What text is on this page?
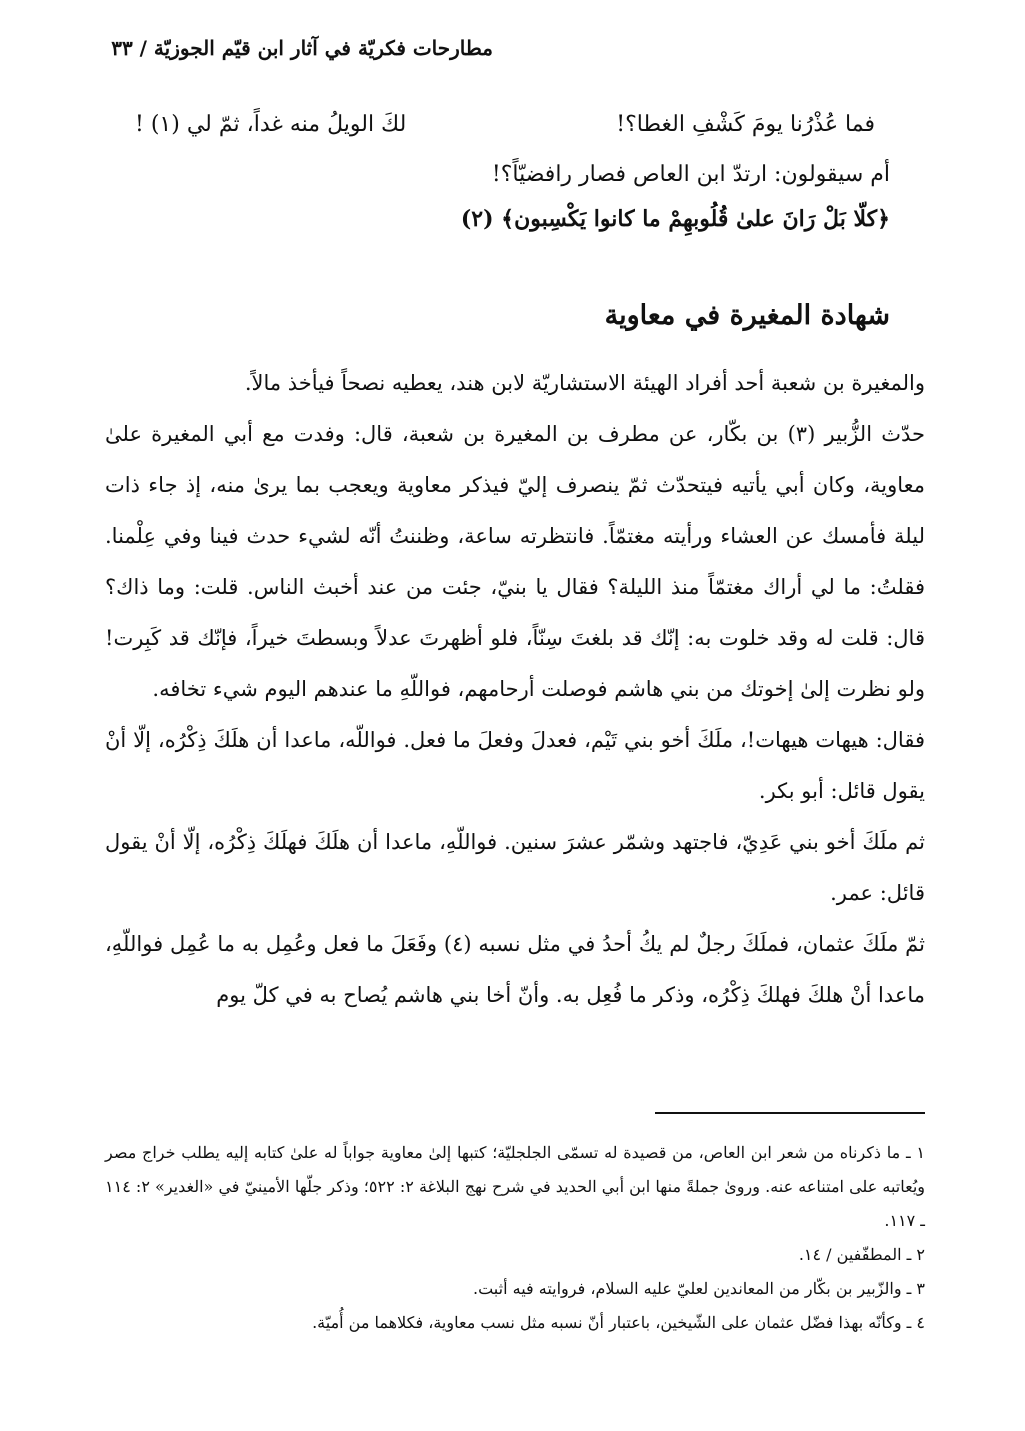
مطارحات فكريّة في آثار ابن قيّم الجوزيّة / ٣٣
فما عُذْرُنا يومَ كَشْفِ الغطا؟!
لكَ الويلُ منه غداً، ثمّ لي (١) !
أم سيقولون: ارتدّ ابن العاص فصار رافضيّاً؟!
﴿كلّا بَلْ رَانَ علىٰ قُلُوبهِمْ ما كانوا يَكْسِبون﴾ (٢)
شهادة المغيرة في معاوية

والمغيرة بن شعبة أحد أفراد الهيئة الاستشاريّة لابن هند، يعطيه نصحاً فيأخذ مالاً.

حدّث الزُّبير (٣) بن بكّار، عن مطرف بن المغيرة بن شعبة، قال: وفدت مع أبي المغيرة علىٰ معاوية، وكان أبي يأتيه فيتحدّث ثمّ ينصرف إليّ فيذكر معاوية ويعجب بما يرىٰ منه، إذ جاء ذات ليلة فأمسك عن العشاء ورأيته مغتمّاً. فانتظرته ساعة، وظننتُ أنّه لشيء حدث فينا وفي عِلْمنا. فقلتُ: ما لي أراك مغتمّاً منذ الليلة؟ فقال يا بنيّ، جئت من عند أخبث الناس. قلت: وما ذاك؟ قال: قلت له وقد خلوت به: إنّك قد بلغتَ سِنّاً، فلو أظهرتَ عدلاً وبسطتَ خيراً، فإنّك قد كَبِرت! ولو نظرت إلىٰ إخوتك من بني هاشم فوصلت أرحامهم، فواللّهِ ما عندهم اليوم شيء تخافه.

فقال: هيهات هيهات!، ملَكَ أخو بني تَيْم، فعدلَ وفعلَ ما فعل. فواللّه، ماعدا أن هلَكَ ذِكْرُه، إلّا أنْ يقول قائل: أبو بكر.

ثم ملَكَ أخو بني عَدِيّ، فاجتهد وشمّر عشرَ سنين. فواللّهِ، ماعدا أن هلَكَ فهلَكَ ذِكْرُه، إلّا أنْ يقول قائل: عمر.

ثمّ ملَكَ عثمان، فملَكَ رجلٌ لم يكُ أحدُ في مثل نسبه (٤) وفَعَلَ ما فعل وعُمِل به ما عُمِل فواللّهِ، ماعدا أنْ هلكَ فهلكَ ذِكْرُه، وذكر ما فُعِل به. وأنّ أخا بني هاشم يُصاح به في كلّ يوم

١ ـ ما ذكرناه من شعر ابن العاص، من قصيدة له تسمّى الجلجليّة؛ كتبها إلىٰ معاوية جواباً له علىٰ كتابه إليه يطلب خراج مصر ويُعاتبه على امتناعه عنه. وروىٰ جملةً منها ابن أبي الحديد في شرح نهج البلاغة ٢: ٥٢٢؛ وذكر جلّها الأمينيّ في «الغدير» ٢: ١١٤ ـ ١١٧.

٢ ـ المطفّفين / ١٤.

٣ ـ والزّبير بن بكّار من المعاندين لعليّ عليه السلام، فروايته فيه أثبت.

٤ ـ وكأنّه بهذا فضّل عثمان على الشّيخين، باعتبار أنّ نسبه مثل نسب معاوية، فكلاهما من أُميّة.
